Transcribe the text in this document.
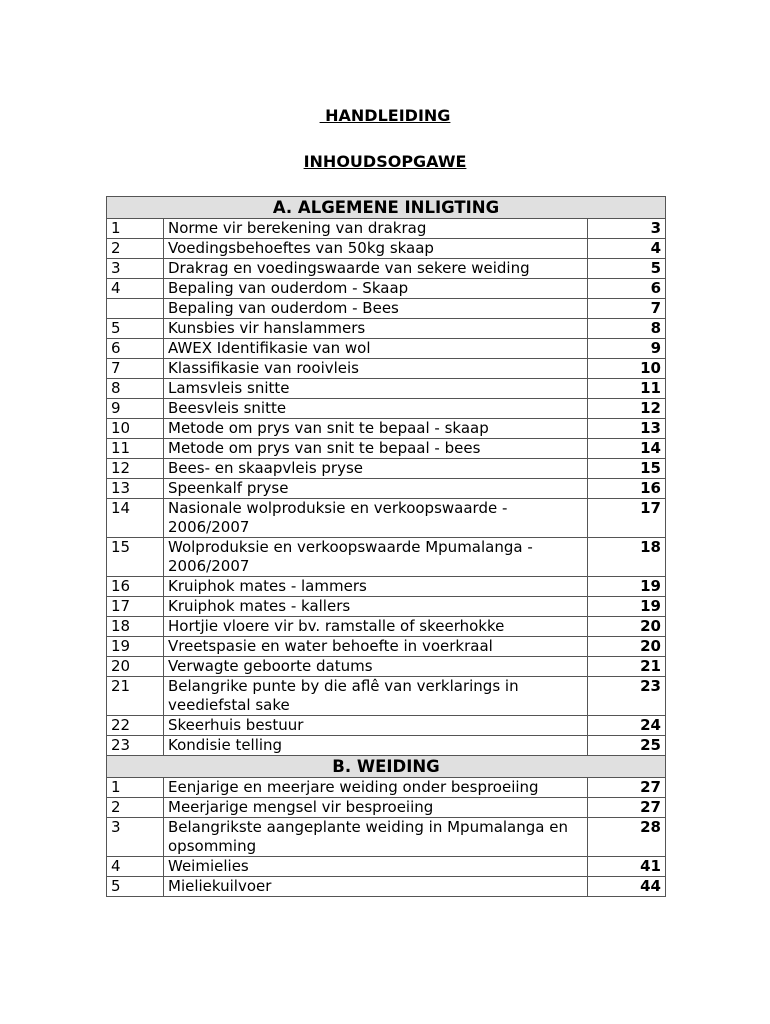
HANDLEIDING
INHOUDSOPGAWE
A. ALGEMENE INLIGTING		
1	Norme vir berekening van drakrag	3
2	Voedingsbehoeftes van 50kg skaap	4
3	Drakrag en voedingswaarde van sekere weiding	5
4	Bepaling van ouderdom - Skaap	6
	Bepaling van ouderdom - Bees	7
5	Kunsbies vir hanslammers	8
6	AWEX Identifikasie van wol	9
7	Klassifikasie van rooivleis	10
8	Lamsvleis snitte	11
9	Beesvleis snitte	12
10	Metode om prys van snit te bepaal - skaap	13
11	Metode om prys van snit te bepaal - bees	14
12	Bees- en skaapvleis pryse	15
13	Speenkalf pryse	16
14	Nasionale wolproduksie en verkoopswaarde - 2006/2007	17
15	Wolproduksie en verkoopswaarde Mpumalanga - 2006/2007	18
16	Kruiphok mates - lammers	19
17	Kruiphok mates - kallers	19
18	Hortjie vloere vir bv. ramstalle of skeerhokke	20
19	Vreetspasie en water behoefte in voerkraal	20
20	Verwagte geboorte datums	21
21	Belangrike punte by die aflê van verklarings in veediefstal sake	23
22	Skeerhuis bestuur	24
23	Kondisie telling	25
B. WEIDING		
1	Eenjarige en meerjare weiding onder besproeiing	27
2	Meerjarige mengsel vir besproeiing	27
3	Belangrikste aangeplante weiding in Mpumalanga en opsomming	28
4	Weimielies	41
5	Mieliekuilvoer	44
